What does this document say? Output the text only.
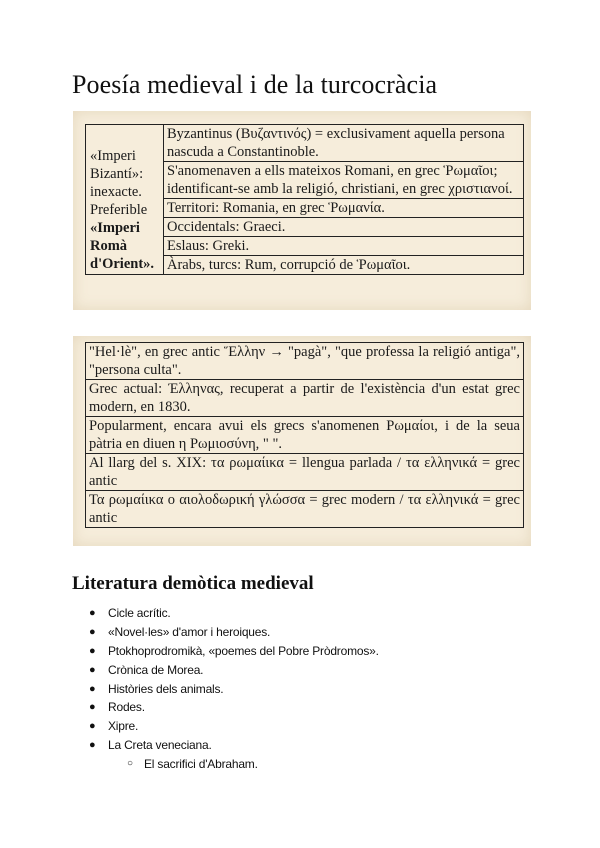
Poesía medieval i de la turcocràcia
«Imperi
Bizantí»:
inexacte.
Preferible
«Imperi
Romà
d'Orient».
	Byzantinus (Βυζαντινός) = exclusivament aquella persona nascuda a Constantinoble.
S'anomenaven a ells mateixos Romani, en grec Ῥωμαῖοι; identificant-se amb la religió, christiani, en grec χριστιανοί.
Territori: Romania, en grec Ῥωμανία.
Occidentals: Graeci.
Eslaus: Greki.
Àrabs, turcs: Rum, corrupció de Ῥωμαῖοι.
"Hel·lè", en grec antic Ἕλλην → "pagà", "que professa la religió antiga", "persona culta".
Grec actual: Έλληνας, recuperat a partir de l'existència d'un estat grec modern, en 1830.
Popularment, encara avui els grecs s'anomenen Ρωμαίοι, i de la seua pàtria en diuen η Ρωμιοσύνη, " ".
Al llarg del s. XIX: τα ρωμαίικα = llengua parlada / τα ελληνικά = grec antic
Τα ρωμαίικα ο αιολοδωρική γλώσσα = grec modern / τα ελληνικά = grec antic
Literatura demòtica medieval
● Cicle acrític.
● «Novel·les» d'amor i heroiques.
● Ptokhoprodromikà, «poemes del Pobre Pròdromos».
● Crònica de Morea.
● Històries dels animals.
● Rodes.
● Xipre.
● La Creta veneciana.
○ El sacrifici d'Abraham.
